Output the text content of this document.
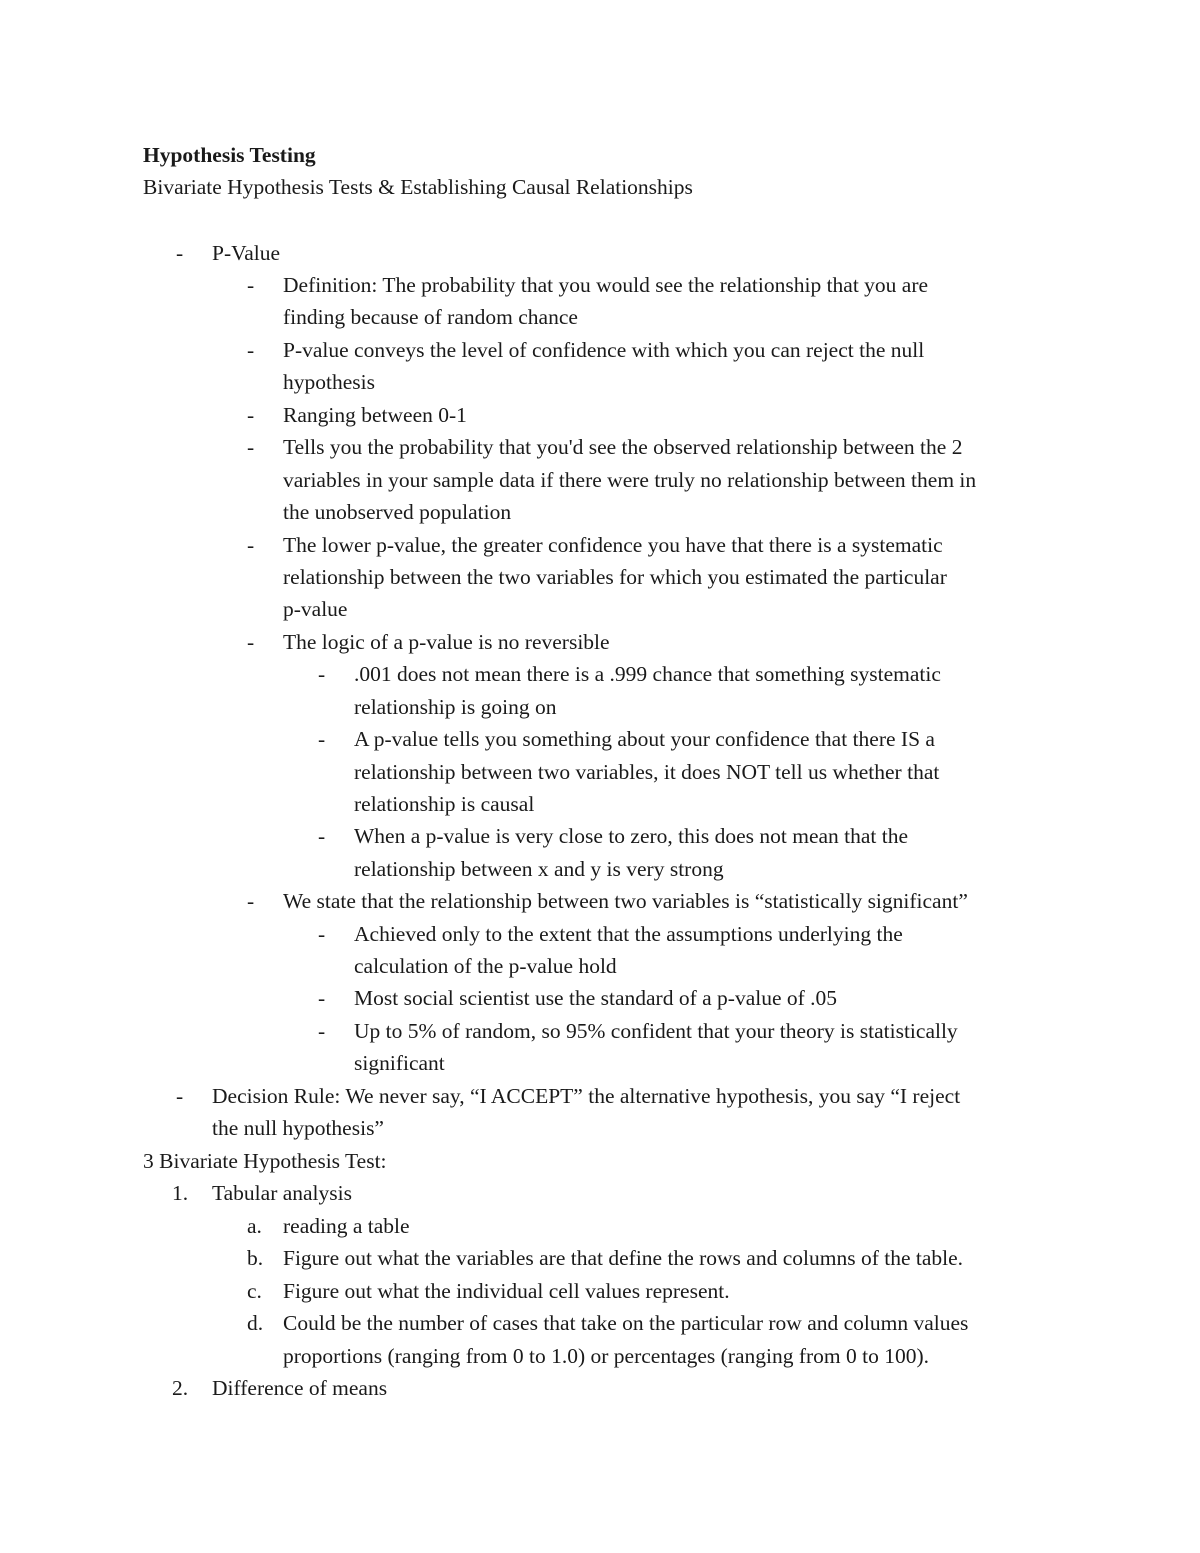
Hypothesis Testing
Bivariate Hypothesis Tests & Establishing Causal Relationships
- P-Value
- Definition: The probability that you would see the relationship that you are
finding because of random chance
- P-value conveys the level of confidence with which you can reject the null
hypothesis
- Ranging between 0-1
- Tells you the probability that you'd see the observed relationship between the 2
variables in your sample data if there were truly no relationship between them in
the unobserved population
- The lower p-value, the greater confidence you have that there is a systematic
relationship between the two variables for which you estimated the particular
p-value
- The logic of a p-value is no reversible
- .001 does not mean there is a .999 chance that something systematic
relationship is going on
- A p-value tells you something about your confidence that there IS a
relationship between two variables, it does NOT tell us whether that
relationship is causal
- When a p-value is very close to zero, this does not mean that the
relationship between x and y is very strong
- We state that the relationship between two variables is “statistically significant”
- Achieved only to the extent that the assumptions underlying the
calculation of the p-value hold
- Most social scientist use the standard of a p-value of .05
- Up to 5% of random, so 95% confident that your theory is statistically
significant
- Decision Rule: We never say, “I ACCEPT” the alternative hypothesis, you say “I reject
the null hypothesis”
3 Bivariate Hypothesis Test:
1. Tabular analysis
a. reading a table
b. Figure out what the variables are that define the rows and columns of the table.
c. Figure out what the individual cell values represent.
d. Could be the number of cases that take on the particular row and column values
proportions (ranging from 0 to 1.0) or percentages (ranging from 0 to 100).
2. Difference of means
